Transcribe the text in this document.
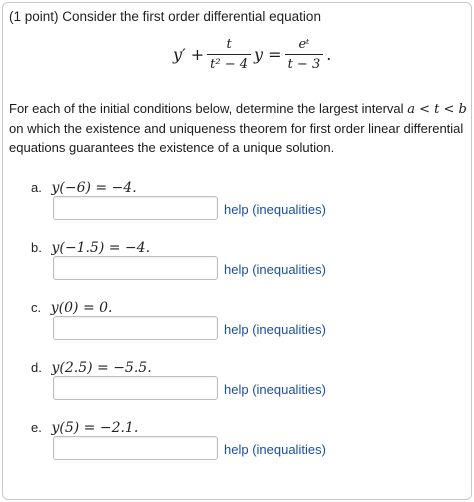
(1 point) Consider the first order differential equation
$y' + \frac{t}{\text{t² − 4}}$ $y = \frac{\text{eᵗ}}{t - 3}$ .
For each of the initial conditions below, determine the largest interval a < t < b on which the existence and uniqueness theorem for first order linear differential equations guarantees the existence of a unique solution.
a. y(−6) = −4.
help (inequalities)
b. y(−1.5) = −4.
help (inequalities)
c. y(0) = 0.
help (inequalities)
d. y(2.5) = −5.5.
help (inequalities)
e. y(5) = −2.1.
help (inequalities)
